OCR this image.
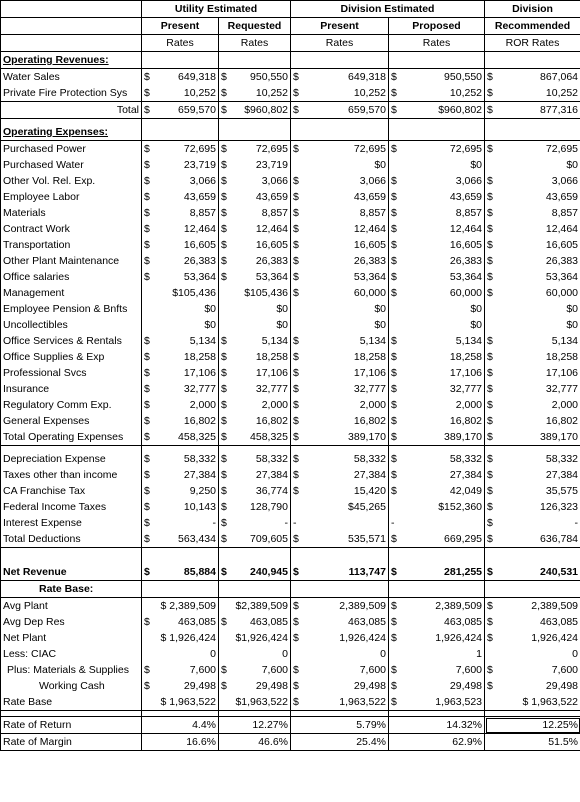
	Utility Estimated		Division Estimated		Division
	Present	Requested	Present	Proposed	Recommended
	Rates	Rates	Rates	Rates	ROR Rates
Operating Revenues:					
Water Sales	$ 649,318	$ 950,550	$ 649,318	$ 950,550	$ 867,064
Private Fire Protection Sys	$ 10,252	$ 10,252	$ 10,252	$ 10,252	$ 10,252
Total	$ 659,570	$ $960,802	$ 659,570	$ $960,802	$ 877,316

Operating Expenses:					
Purchased Power	$ 72,695	$ 72,695	$ 72,695	$ 72,695	$ 72,695
Purchased Water	$ 23,719	$ 23,719	$0	$0	$0
Other Vol. Rel. Exp.	$ 3,066	$ 3,066	$ 3,066	$ 3,066	$ 3,066
Employee Labor	$ 43,659	$ 43,659	$ 43,659	$ 43,659	$ 43,659
Materials	$ 8,857	$ 8,857	$ 8,857	$ 8,857	$ 8,857
Contract Work	$ 12,464	$ 12,464	$ 12,464	$ 12,464	$ 12,464
Transportation	$ 16,605	$ 16,605	$ 16,605	$ 16,605	$ 16,605
Other Plant Maintenance	$ 26,383	$ 26,383	$ 26,383	$ 26,383	$ 26,383
Office salaries	$ 53,364	$ 53,364	$ 53,364	$ 53,364	$ 53,364
Management	$105,436	$105,436	$ 60,000	$ 60,000	$ 60,000
Employee Pension & Bnfts	$0	$0	$0	$0	$0
Uncollectibles	$0	$0	$0	$0	$0
Office Services & Rentals	$ 5,134	$ 5,134	$ 5,134	$ 5,134	$ 5,134
Office Supplies & Exp	$ 18,258	$ 18,258	$ 18,258	$ 18,258	$ 18,258
Professional Svcs	$ 17,106	$ 17,106	$ 17,106	$ 17,106	$ 17,106
Insurance	$ 32,777	$ 32,777	$ 32,777	$ 32,777	$ 32,777
Regulatory Comm Exp.	$ 2,000	$ 2,000	$ 2,000	$ 2,000	$ 2,000
General Expenses	$ 16,802	$ 16,802	$ 16,802	$ 16,802	$ 16,802
Total Operating Expenses	$ 458,325	$ 458,325	$ 389,170	$ 389,170	$ 389,170

Depreciation Expense	$ 58,332	$ 58,332	$ 58,332	$ 58,332	$ 58,332
Taxes other than income	$ 27,384	$ 27,384	$ 27,384	$ 27,384	$ 27,384
CA Franchise Tax	$ 9,250	$ 36,774	$ 15,420	$ 42,049	$ 35,575
Federal Income Taxes	$ 10,143	$ 128,790	$45,265	$152,360	$ 126,323
Interest Expense	$ -	$ -	-	-	$ -
Total Deductions	$ 563,434	$ 709,605	$ 535,571	$ 669,295	$ 636,784

Net Revenue	$ 85,884	$ 240,945	$ 113,747	$ 281,255	$ 240,531
Rate Base:					
Avg Plant	$ 2,389,509	$2,389,509	$ 2,389,509	$ 2,389,509	$ 2,389,509
Avg Dep Res	$ 463,085	$ 463,085	$ 463,085	$ 463,085	$ 463,085
Net Plant	$ 1,926,424	$1,926,424	$ 1,926,424	$ 1,926,424	$ 1,926,424
Less: CIAC	0	0	0	1	0
Plus: Materials & Supplies	$ 7,600	$ 7,600	$ 7,600	$ 7,600	$ 7,600
Working Cash	$ 29,498	$ 29,498	$ 29,498	$ 29,498	$ 29,498
Rate Base	$ 1,963,522	$1,963,522	$ 1,963,522	$ 1,963,523	$ 1,963,522

Rate of Return	4.4%	12.27%	5.79%	14.32%	12.25%
Rate of Margin	16.6%	46.6%	25.4%	62.9%	51.5%
